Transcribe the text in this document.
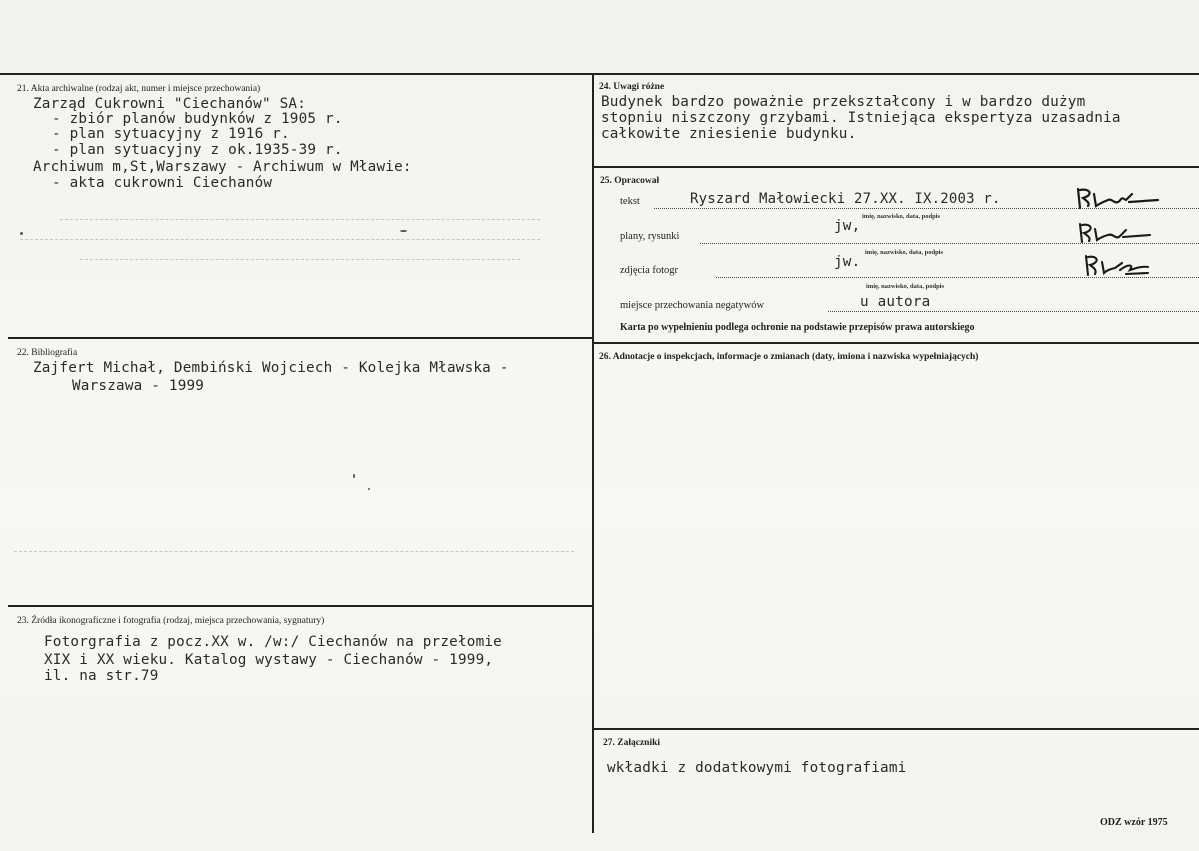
21. Akta archiwalne (rodzaj akt, numer i miejsce przechowania)
Zarząd Cukrowni "Ciechanów" SA:
- zbiór planów budynków z 1905 r.
- plan sytuacyjny z 1916 r.
- plan sytuacyjny z ok.1935-39 r.
Archiwum m,St,Warszawy - Archiwum w Mławie:
- akta cukrowni Ciechanów
22. Bibliografia
Zajfert Michał, Dembiński Wojciech - Kolejka Mławska -
Warszawa - 1999
23. Źródła ikonograficzne i fotografia (rodzaj, miejsca przechowania, sygnatury)
Fotorgrafia z pocz.XX w. /w:/ Ciechanów na przełomie
XIX i XX wieku. Katalog wystawy - Ciechanów - 1999,
il. na str.79
24. Uwagi różne
Budynek bardzo poważnie przekształcony i w bardzo dużym
stopniu niszczony grzybami. Istniejąca ekspertyza uzasadnia
całkowite zniesienie budynku.
25. Opracował
tekst	Ryszard Małowiecki 27.XX. IX.2003 r.
imię, nazwisko, data, podpis
plany, rysunki
jw,
imię, nazwisko, data, podpis
zdjęcia fotogr
jw.
imię, nazwisko, data, podpis
miejsce przechowania negatywów	u autora
Karta po wypełnieniu podlega ochronie na podstawie przepisów prawa autorskiego
26. Adnotacje o inspekcjach, informacje o zmianach (daty, imiona i nazwiska wypełniających)
27. Załączniki
wkładki z dodatkowymi fotografiami
ODZ wzór 1975
